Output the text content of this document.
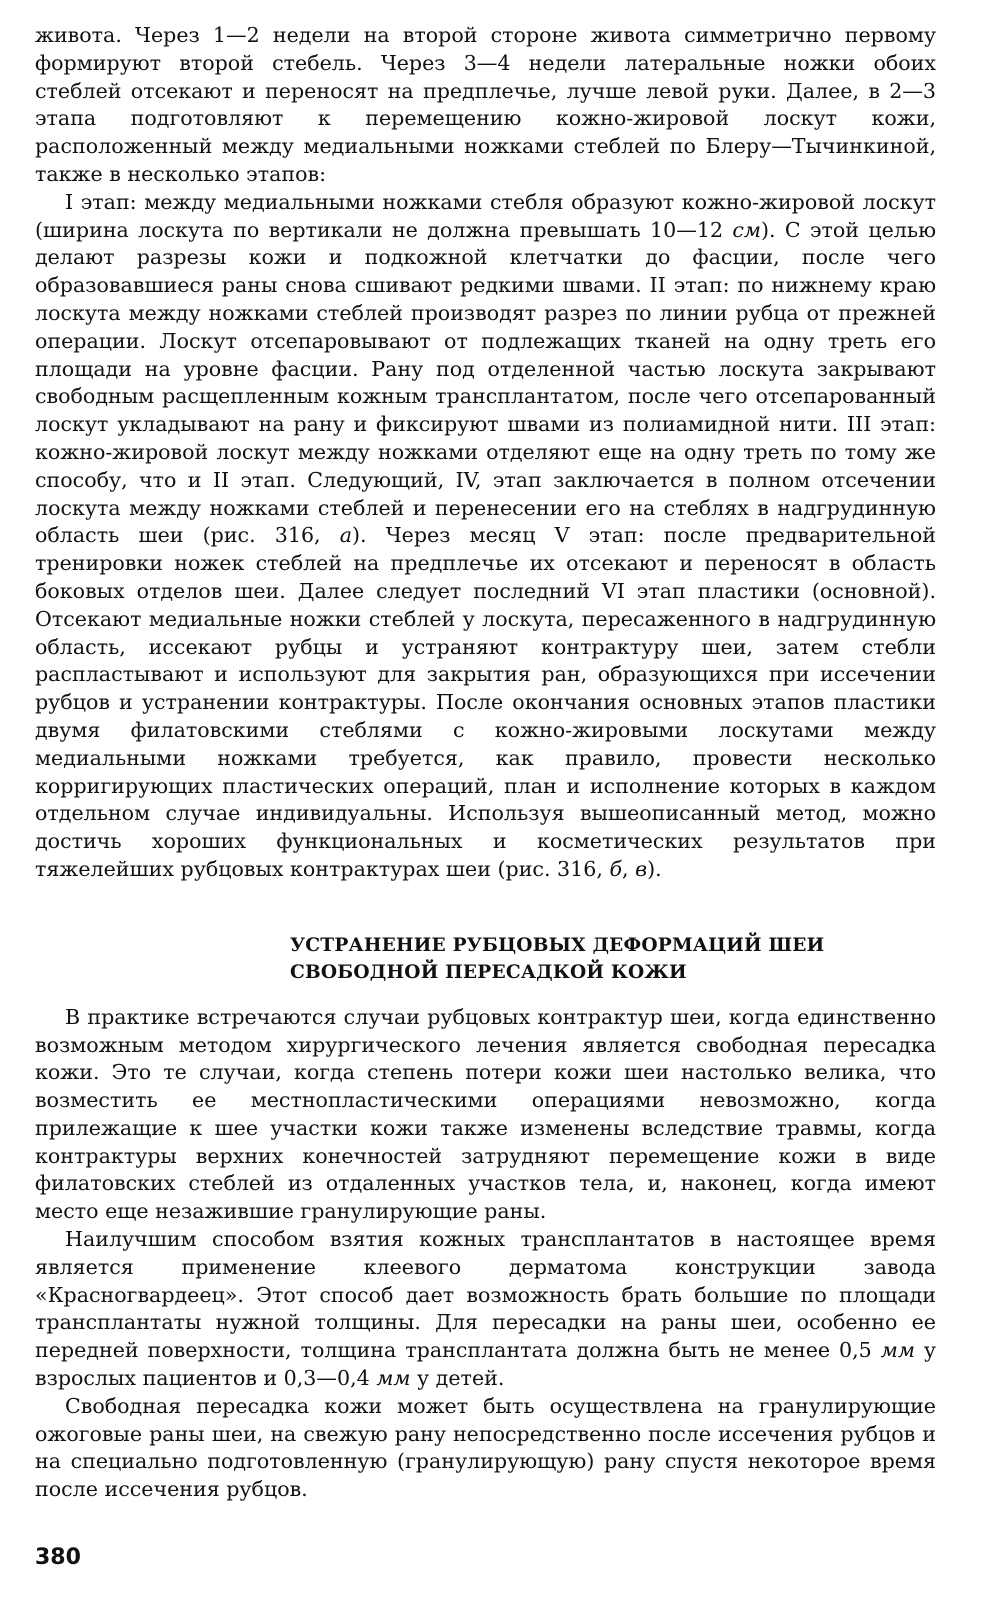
живота. Через 1—2 недели на второй стороне живота симметрично первому формируют второй стебель. Через 3—4 недели латеральные ножки обоих стеблей отсекают и переносят на предплечье, лучше левой руки. Далее, в 2—3 этапа подготовляют к перемещению кожно-жировой лоскут кожи, расположенный между медиальными ножками стеблей по Блеру—Тычинкиной, также в несколько этапов:

I этап: между медиальными ножками стебля образуют кожно-жировой лоскут (ширина лоскута по вертикали не должна превышать 10—12 см). С этой целью делают разрезы кожи и подкожной клетчатки до фасции, после чего образовавшиеся раны снова сшивают редкими швами. II этап: по нижнему краю лоскута между ножками стеблей производят разрез по линии рубца от прежней операции. Лоскут отсепаровывают от подлежащих тканей на одну треть его площади на уровне фасции. Рану под отделенной частью лоскута закрывают свободным расщепленным кожным трансплантатом, после чего отсепарованный лоскут укладывают на рану и фиксируют швами из полиамидной нити. III этап: кожно-жировой лоскут между ножками отделяют еще на одну треть по тому же способу, что и II этап. Следующий, IV, этап заключается в полном отсечении лоскута между ножками стеблей и перенесении его на стеблях в надгрудинную область шеи (рис. 316, а). Через месяц V этап: после предварительной тренировки ножек стеблей на предплечье их отсекают и переносят в область боковых отделов шеи. Далее следует последний VI этап пластики (основной). Отсекают медиальные ножки стеблей у лоскута, пересаженного в надгрудинную область, иссекают рубцы и устраняют контрактуру шеи, затем стебли распластывают и используют для закрытия ран, образующихся при иссечении рубцов и устранении контрактуры. После окончания основных этапов пластики двумя филатовскими стеблями с кожно-жировыми лоскутами между медиальными ножками требуется, как правило, провести несколько корригирующих пластических операций, план и исполнение которых в каждом отдельном случае индивидуальны. Используя вышеописанный метод, можно достичь хороших функциональных и косметических результатов при тяжелейших рубцовых контрактурах шеи (рис. 316, б, в).

УСТРАНЕНИЕ РУБЦОВЫХ ДЕФОРМАЦИЙ ШЕИ
СВОБОДНОЙ ПЕРЕСАДКОЙ КОЖИ

В практике встречаются случаи рубцовых контрактур шеи, когда единственно возможным методом хирургического лечения является свободная пересадка кожи. Это те случаи, когда степень потери кожи шеи настолько велика, что возместить ее местнопластическими операциями невозможно, когда прилежащие к шее участки кожи также изменены вследствие травмы, когда контрактуры верхних конечностей затрудняют перемещение кожи в виде филатовских стеблей из отдаленных участков тела, и, наконец, когда имеют место еще незажившие гранулирующие раны.

Наилучшим способом взятия кожных трансплантатов в настоящее время является применение клеевого дерматома конструкции завода «Красногвардеец». Этот способ дает возможность брать большие по площади трансплантаты нужной толщины. Для пересадки на раны шеи, особенно ее передней поверхности, толщина трансплантата должна быть не менее 0,5 мм у взрослых пациентов и 0,3—0,4 мм у детей.

Свободная пересадка кожи может быть осуществлена на гранулирующие ожоговые раны шеи, на свежую рану непосредственно после иссечения рубцов и на специально подготовленную (гранулирующую) рану спустя некоторое время после иссечения рубцов.

380
